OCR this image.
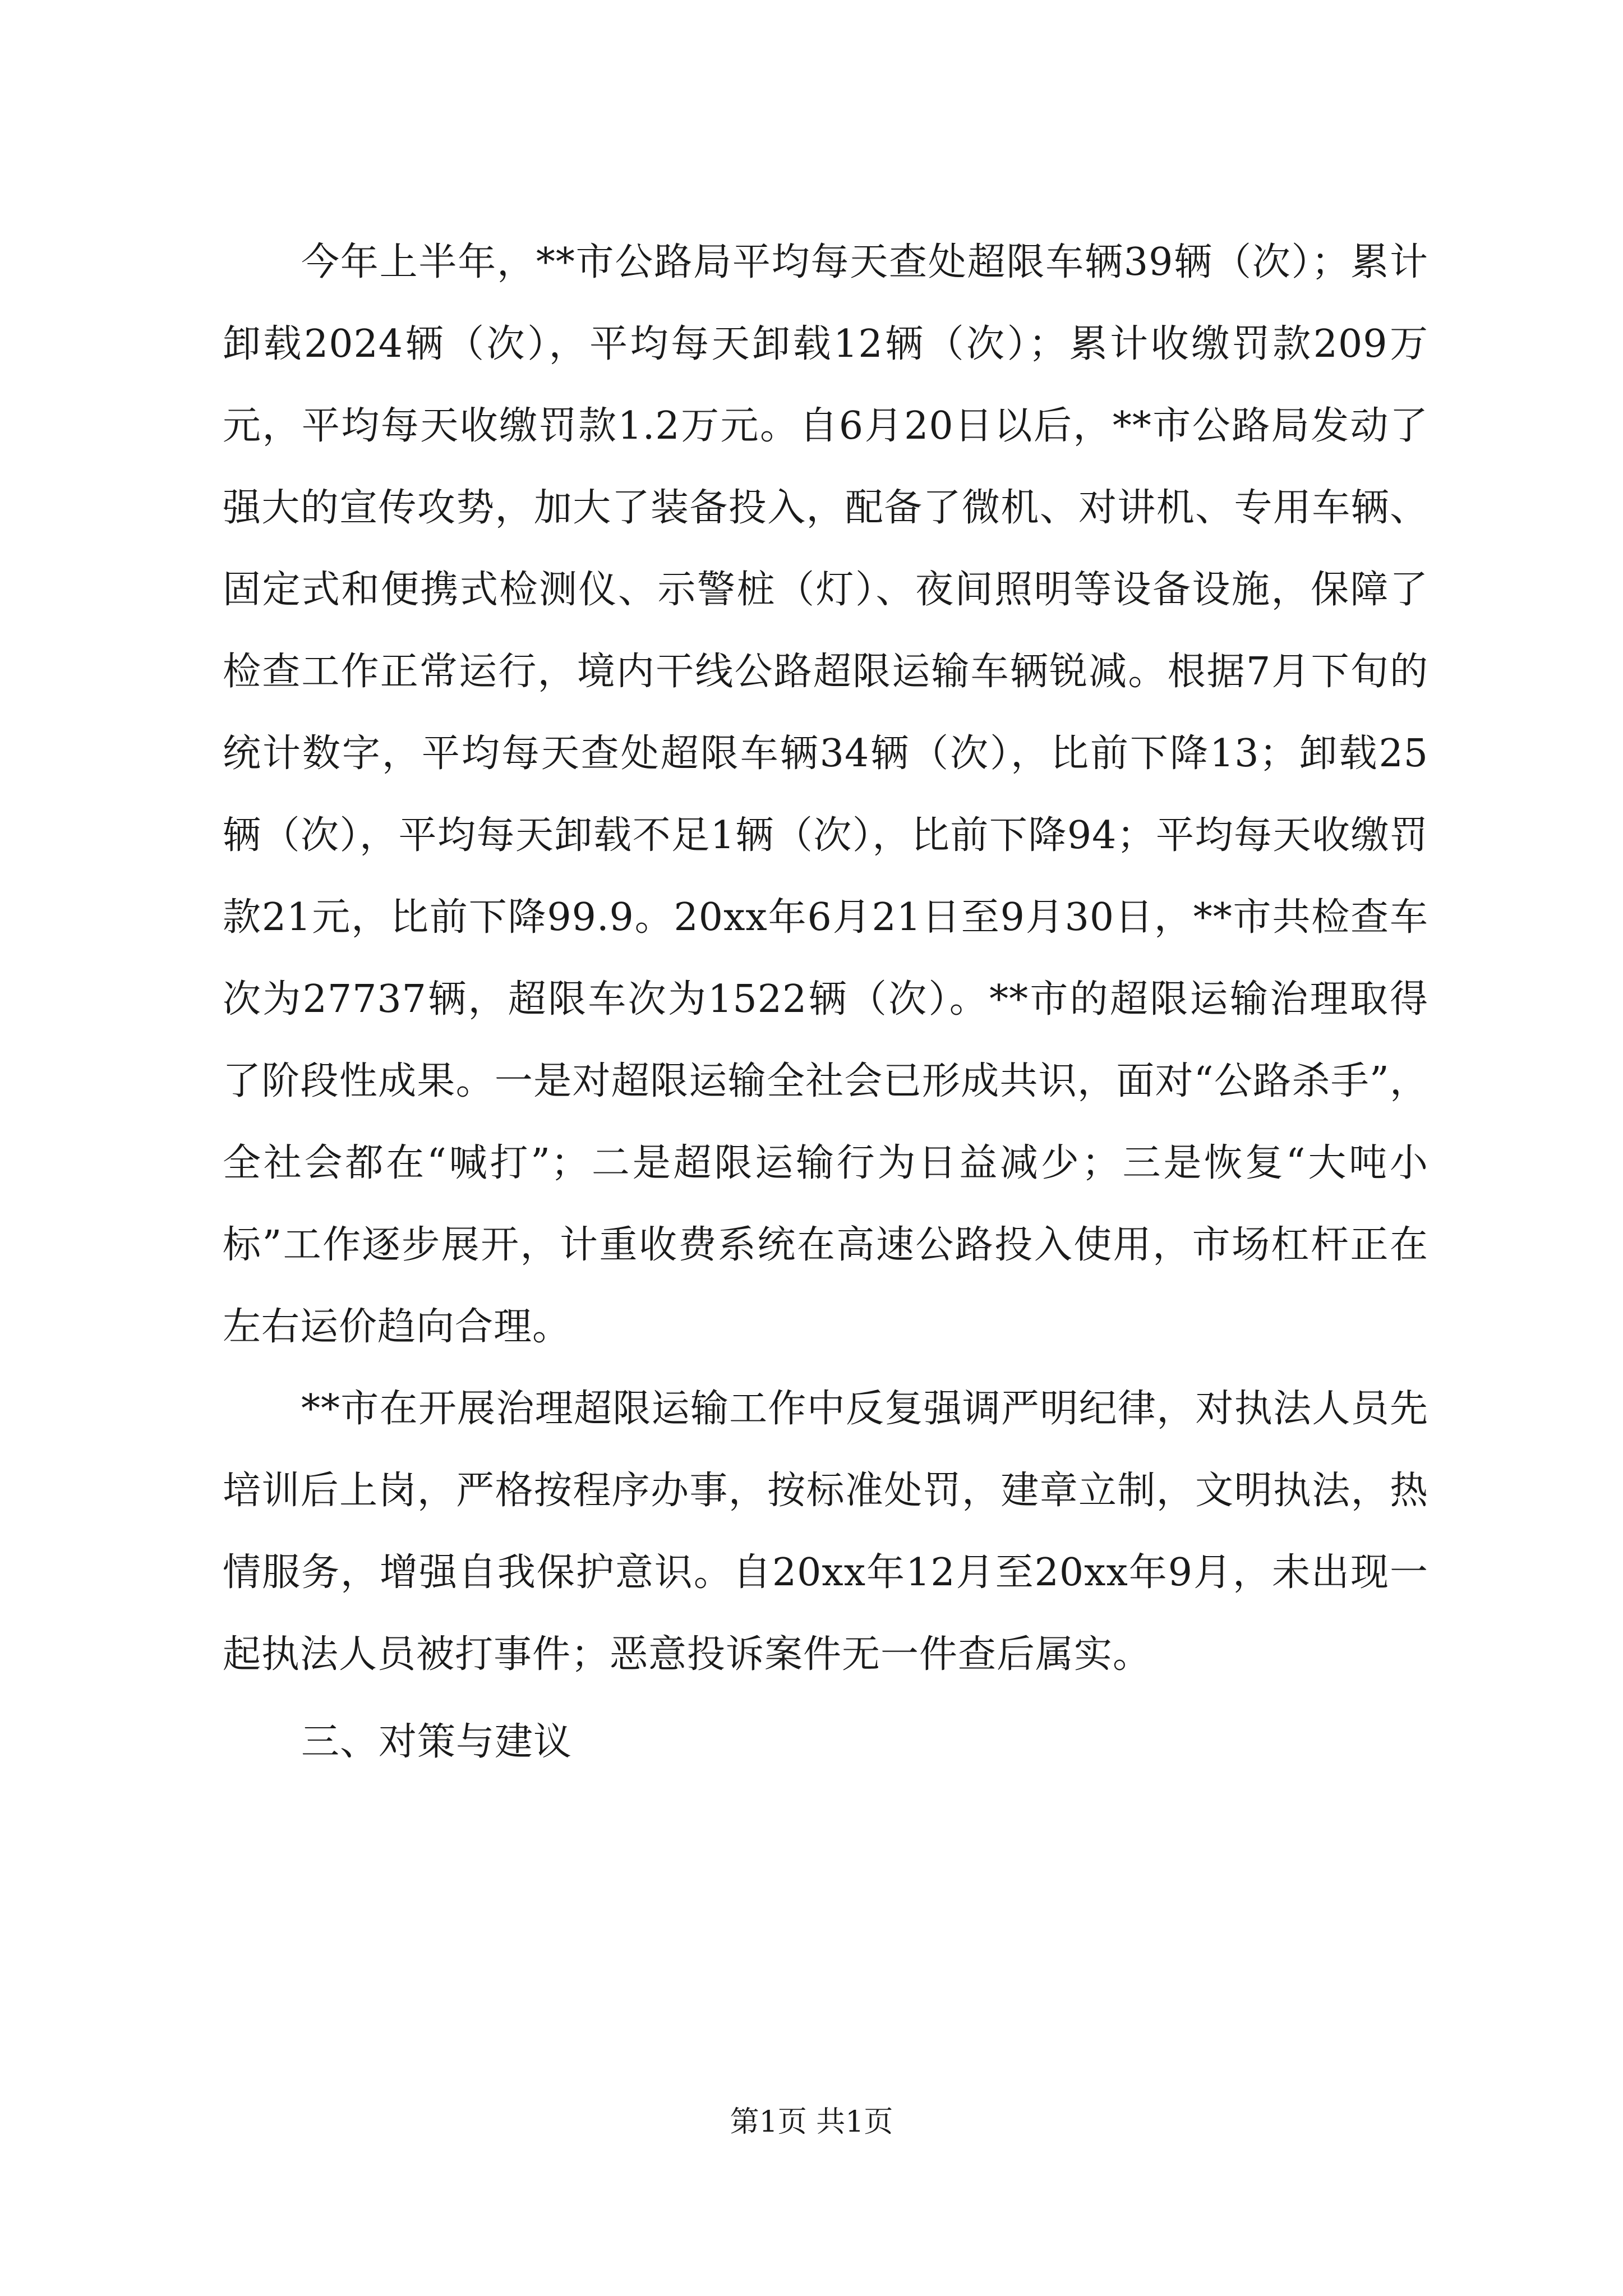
今年上半年，**市公路局平均每天查处超限车辆39辆（次）；累计卸载2024辆（次），平均每天卸载12辆（次）；累计收缴罚款209万元，平均每天收缴罚款1.2万元。自6月20日以后，**市公路局发动了强大的宣传攻势，加大了装备投入，配备了微机、对讲机、专用车辆、固定式和便携式检测仪、示警桩（灯）、夜间照明等设备设施，保障了检查工作正常运行，境内干线公路超限运输车辆锐减。根据7月下旬的统计数字，平均每天查处超限车辆34辆（次），比前下降13；卸载25辆（次），平均每天卸载不足1辆（次），比前下降94；平均每天收缴罚款21元，比前下降99.9。20xx年6月21日至9月30日，**市共检查车次为27737辆，超限车次为1522辆（次）。**市的超限运输治理取得了阶段性成果。一是对超限运输全社会已形成共识，面对“公路杀手”，全社会都在“喊打”；二是超限运输行为日益减少；三是恢复“大吨小标”工作逐步展开，计重收费系统在高速公路投入使用，市场杠杆正在左右运价趋向合理。

**市在开展治理超限运输工作中反复强调严明纪律，对执法人员先培训后上岗，严格按程序办事，按标准处罚，建章立制，文明执法，热情服务，增强自我保护意识。自20xx年12月至20xx年9月，未出现一起执法人员被打事件；恶意投诉案件无一件查后属实。

三、对策与建议

第1页 共1页
